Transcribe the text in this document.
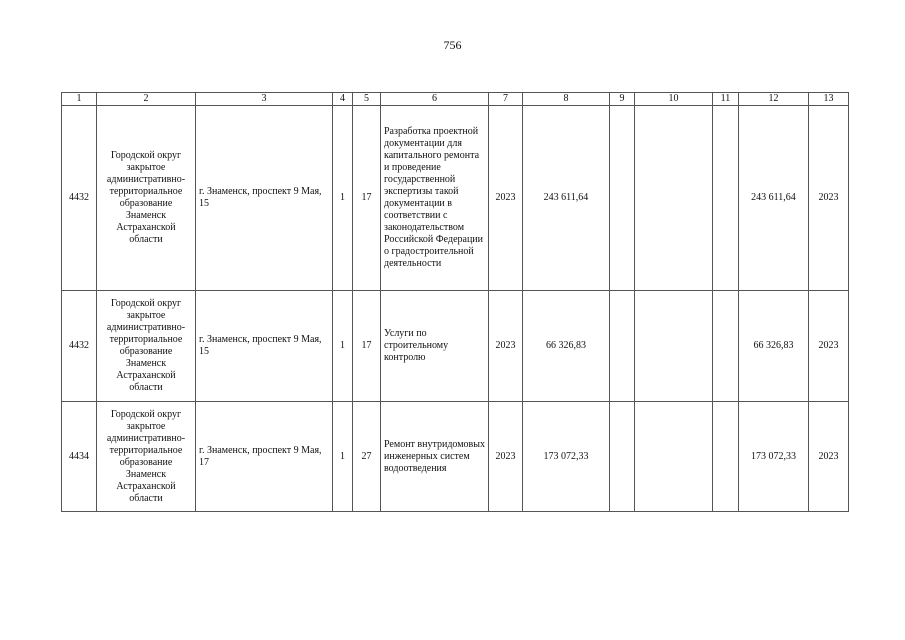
756
1	2	3	4	5	6	7	8	9	10	11	12	13
4432	Городской округ закрытое административно-территориальное образование Знаменск Астраханской области	г. Знаменск, проспект 9 Мая, 15	1	17	Разработка проектной документации для капитального ремонта и проведение государственной экспертизы такой документации в соответствии с законодательством Российской Федерации о градостроительной деятельности	2023	243 611,64				243 611,64	2023
4432	Городской округ закрытое административно-территориальное образование Знаменск Астраханской области	г. Знаменск, проспект 9 Мая, 15	1	17	Услуги по строительному контролю	2023	66 326,83				66 326,83	2023
4434	Городской округ закрытое административно-территориальное образование Знаменск Астраханской области	г. Знаменск, проспект 9 Мая, 17	1	27	Ремонт внутридомовых инженерных систем водоотведения	2023	173 072,33				173 072,33	2023
